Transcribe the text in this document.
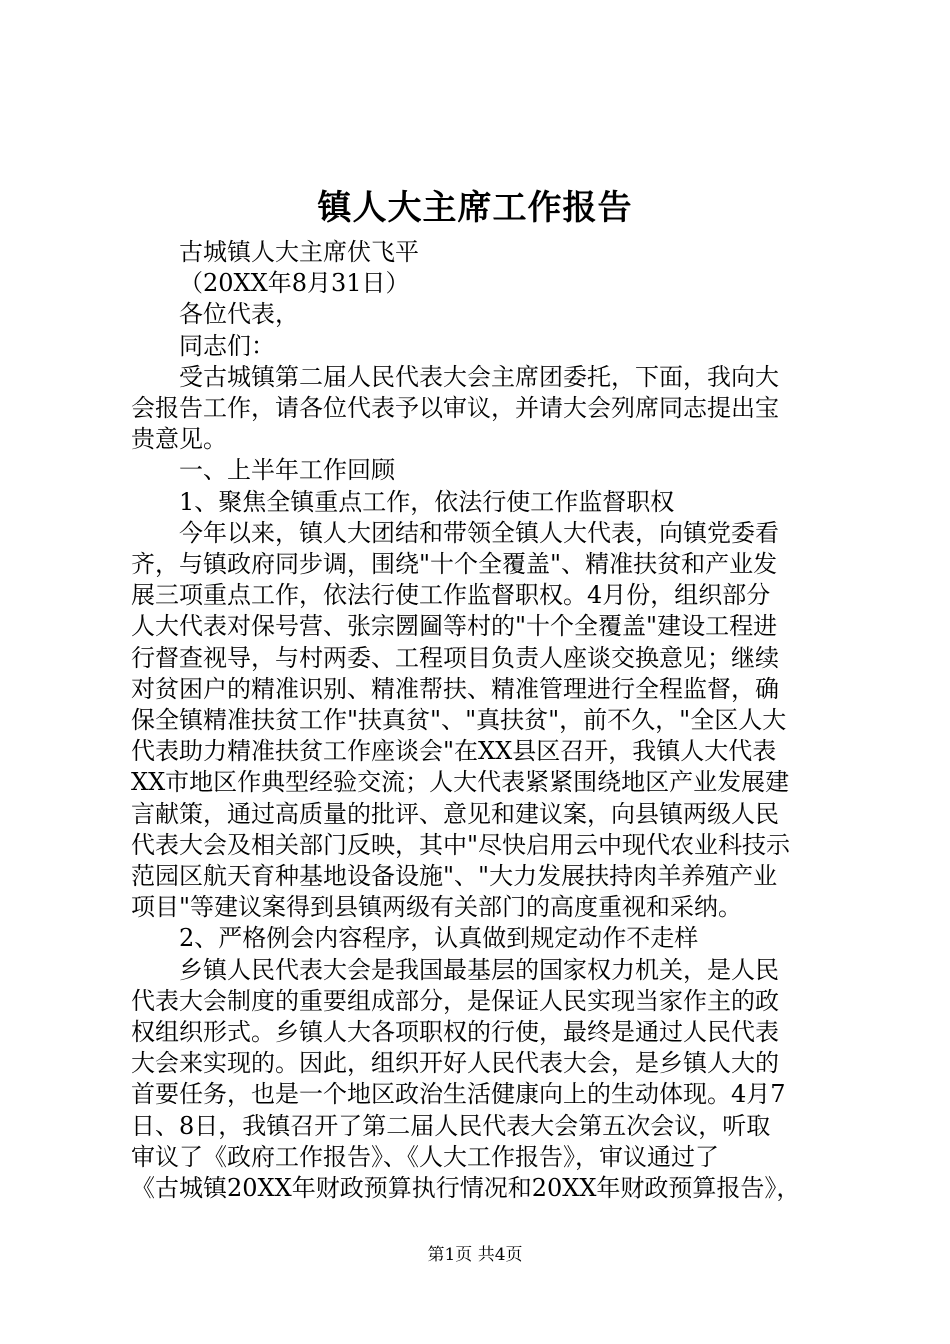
镇人大主席工作报告
古城镇人大主席伏飞平
（20XX年8月31日）
各位代表，
同志们：
受古城镇第二届人民代表大会主席团委托，下面，我向大
会报告工作，请各位代表予以审议，并请大会列席同志提出宝
贵意见。
一、上半年工作回顾
1、聚焦全镇重点工作，依法行使工作监督职权
今年以来，镇人大团结和带领全镇人大代表，向镇党委看
齐，与镇政府同步调，围绕"十个全覆盖"、精准扶贫和产业发
展三项重点工作，依法行使工作监督职权。4月份，组织部分
人大代表对保号营、张宗圐圙等村的"十个全覆盖"建设工程进
行督查视导，与村两委、工程项目负责人座谈交换意见；继续
对贫困户的精准识别、精准帮扶、精准管理进行全程监督，确
保全镇精准扶贫工作"扶真贫"、"真扶贫"，前不久，"全区人大
代表助力精准扶贫工作座谈会"在XX县区召开，我镇人大代表
XX市地区作典型经验交流；人大代表紧紧围绕地区产业发展建
言献策，通过高质量的批评、意见和建议案，向县镇两级人民
代表大会及相关部门反映，其中"尽快启用云中现代农业科技示
范园区航天育种基地设备设施"、"大力发展扶持肉羊养殖产业
项目"等建议案得到县镇两级有关部门的高度重视和采纳。
2、严格例会内容程序，认真做到规定动作不走样
乡镇人民代表大会是我国最基层的国家权力机关，是人民
代表大会制度的重要组成部分，是保证人民实现当家作主的政
权组织形式。乡镇人大各项职权的行使，最终是通过人民代表
大会来实现的。因此，组织开好人民代表大会，是乡镇人大的
首要任务，也是一个地区政治生活健康向上的生动体现。4月7
日、8日，我镇召开了第二届人民代表大会第五次会议，听取
审议了《政府工作报告》、《人大工作报告》，审议通过了
《古城镇20XX年财政预算执行情况和20XX年财政预算报告》，
第1页 共4页
